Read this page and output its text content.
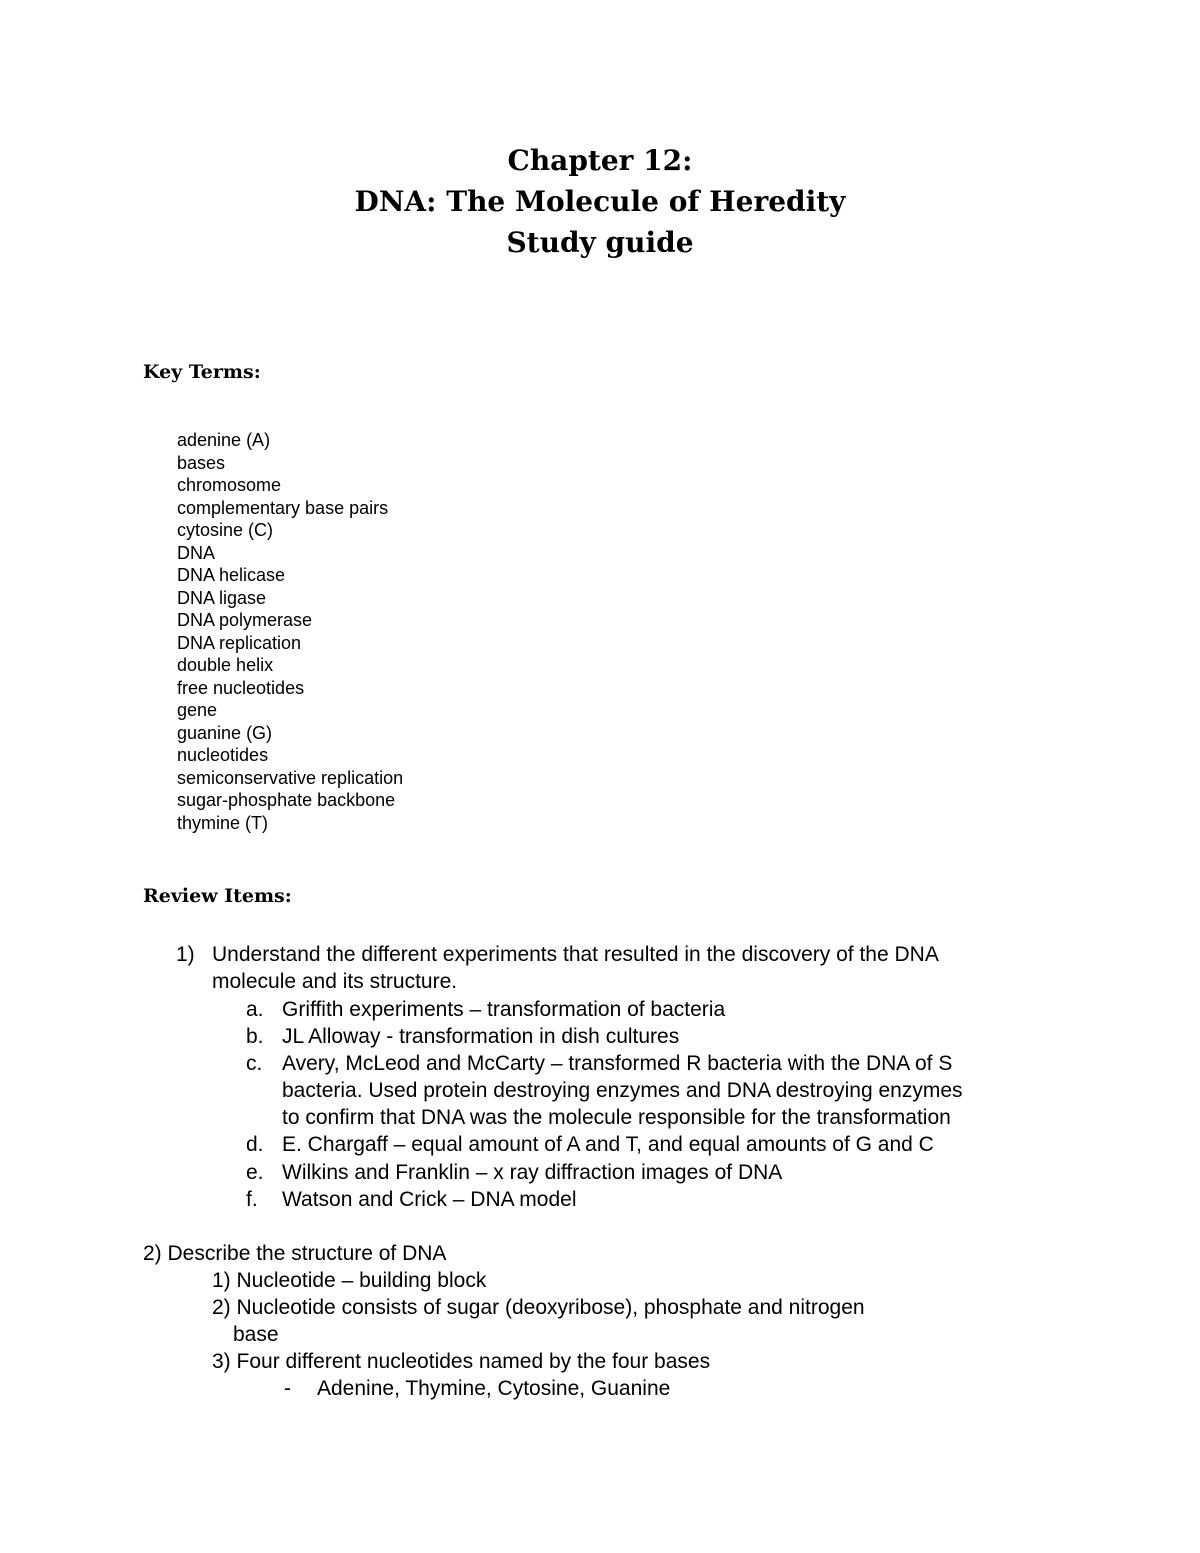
Chapter 12:
DNA: The Molecule of Heredity
Study guide
Key Terms:
adenine (A)
bases
chromosome
complementary base pairs
cytosine (C)
DNA
DNA helicase
DNA ligase
DNA polymerase
DNA replication
double helix
free nucleotides
gene
guanine (G)
nucleotides
semiconservative replication
sugar-phosphate backbone
thymine (T)
Review Items:
1) Understand the different experiments that resulted in the discovery of the DNA
molecule and its structure.
a. Griffith experiments – transformation of bacteria
b. JL Alloway - transformation in dish cultures
c. Avery, McLeod and McCarty – transformed R bacteria with the DNA of S
bacteria. Used protein destroying enzymes and DNA destroying enzymes
to confirm that DNA was the molecule responsible for the transformation
d. E. Chargaff – equal amount of A and T, and equal amounts of G and C
e. Wilkins and Franklin – x ray diffraction images of DNA
f. Watson and Crick – DNA model
2) Describe the structure of DNA
1) Nucleotide – building block
2) Nucleotide consists of sugar (deoxyribose), phosphate and nitrogen
base
3) Four different nucleotides named by the four bases
- Adenine, Thymine, Cytosine, Guanine
